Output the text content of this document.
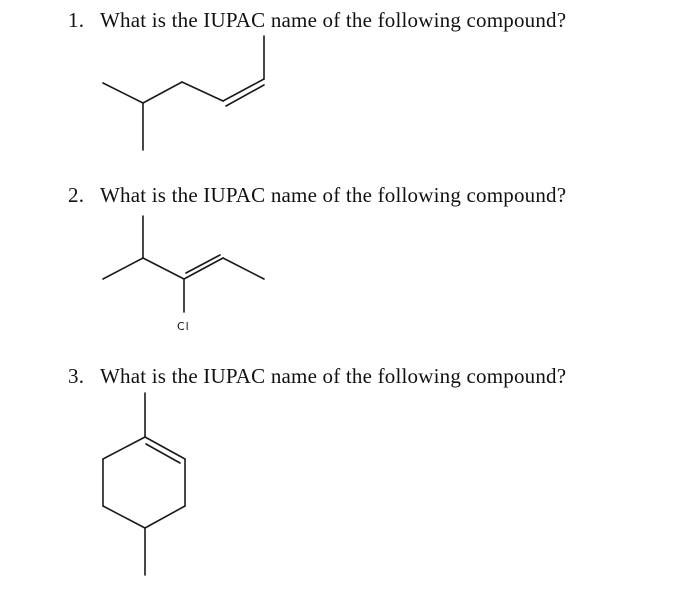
1. What is the IUPAC name of the following compound?
2. What is the IUPAC name of the following compound?
Cl
3. What is the IUPAC name of the following compound?
